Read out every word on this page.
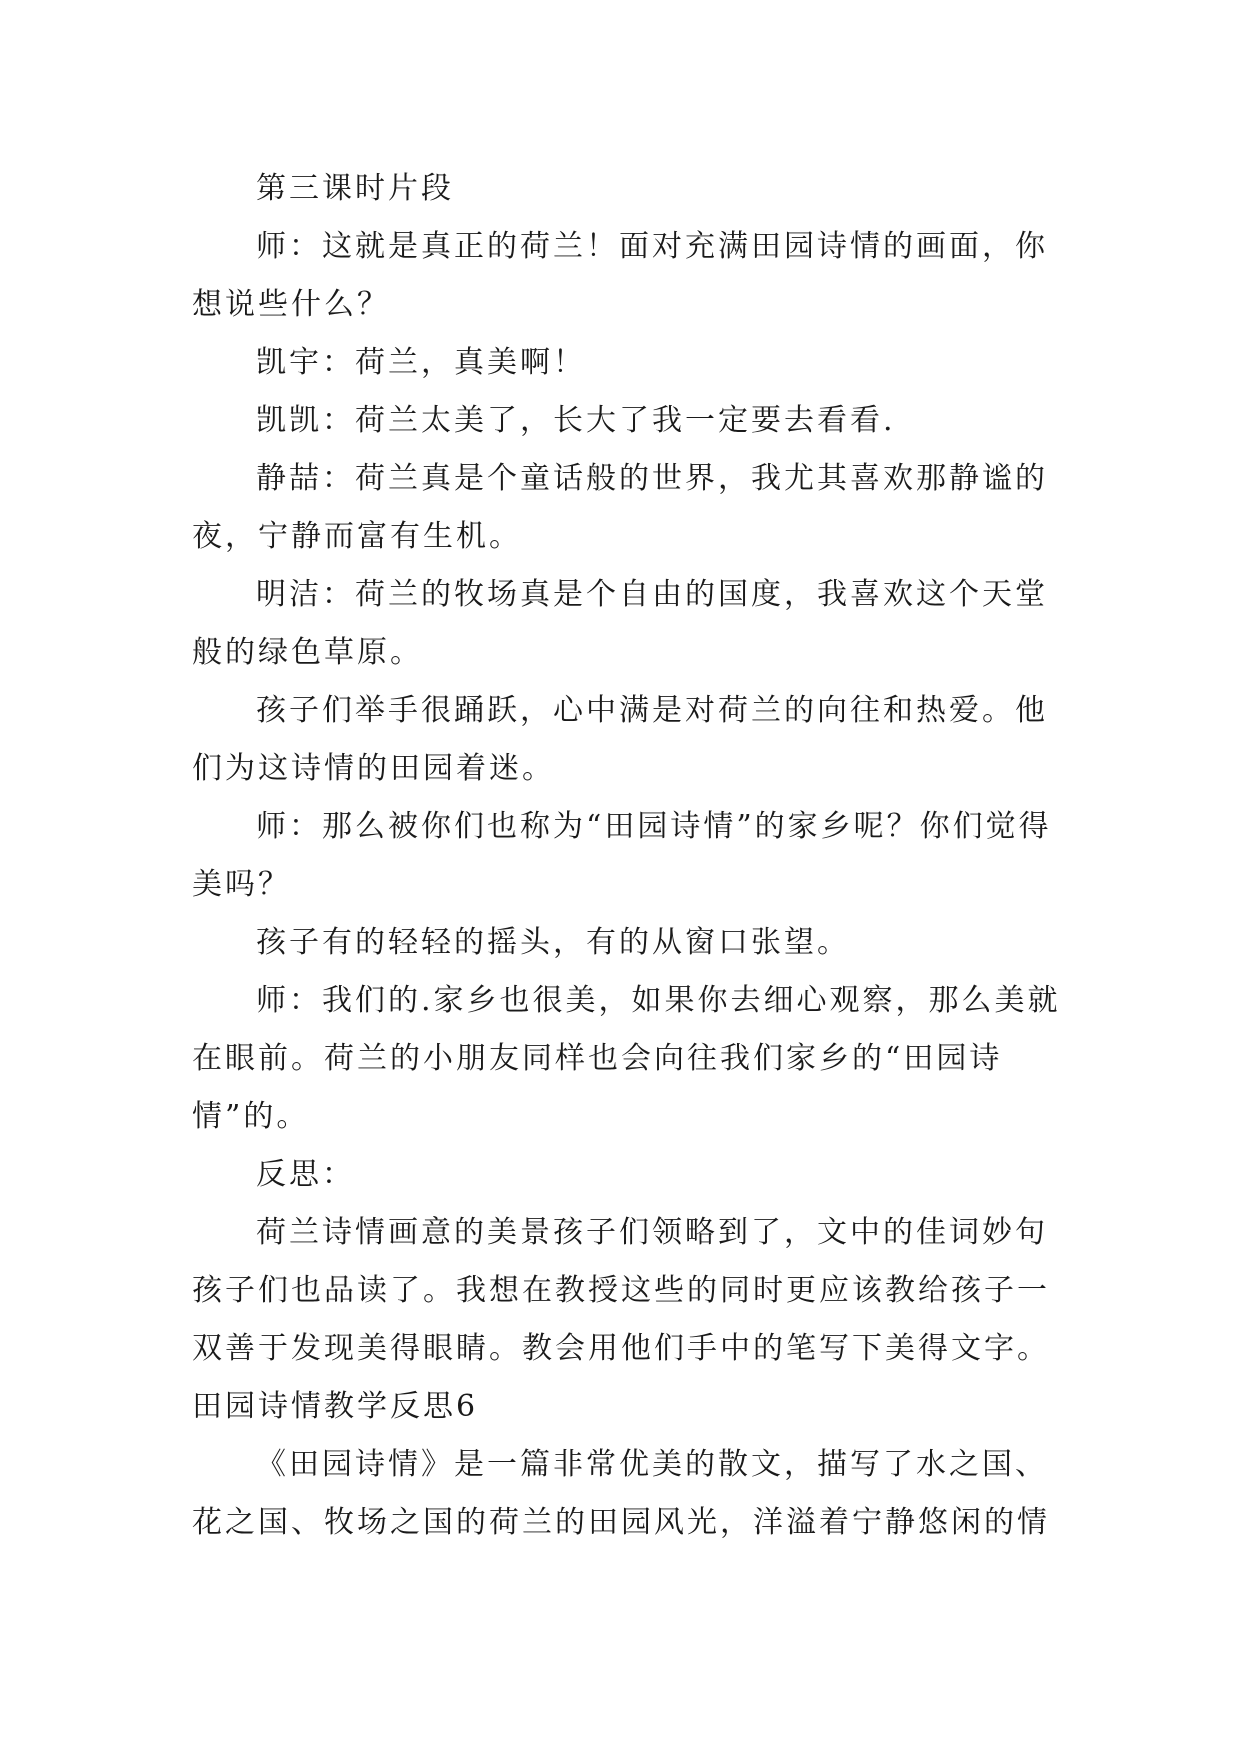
第三课时片段

师：这就是真正的荷兰！面对充满田园诗情的画面，你想说些什么？

凯宇：荷兰，真美啊！

凯凯：荷兰太美了，长大了我一定要去看看.

静喆：荷兰真是个童话般的世界，我尤其喜欢那静谧的夜，宁静而富有生机。

明洁：荷兰的牧场真是个自由的国度，我喜欢这个天堂般的绿色草原。

孩子们举手很踊跃，心中满是对荷兰的向往和热爱。他们为这诗情的田园着迷。

师：那么被你们也称为“田园诗情”的家乡呢？你们觉得美吗？

孩子有的轻轻的摇头，有的从窗口张望。

师：我们的.家乡也很美，如果你去细心观察，那么美就在眼前。荷兰的小朋友同样也会向往我们家乡的“田园诗情”的。

反思：

荷兰诗情画意的美景孩子们领略到了，文中的佳词妙句孩子们也品读了。我想在教授这些的同时更应该教给孩子一双善于发现美得眼睛。教会用他们手中的笔写下美得文字。

田园诗情教学反思6

《田园诗情》是一篇非常优美的散文，描写了水之国、花之国、牧场之国的荷兰的田园风光，洋溢着宁静悠闲的情
